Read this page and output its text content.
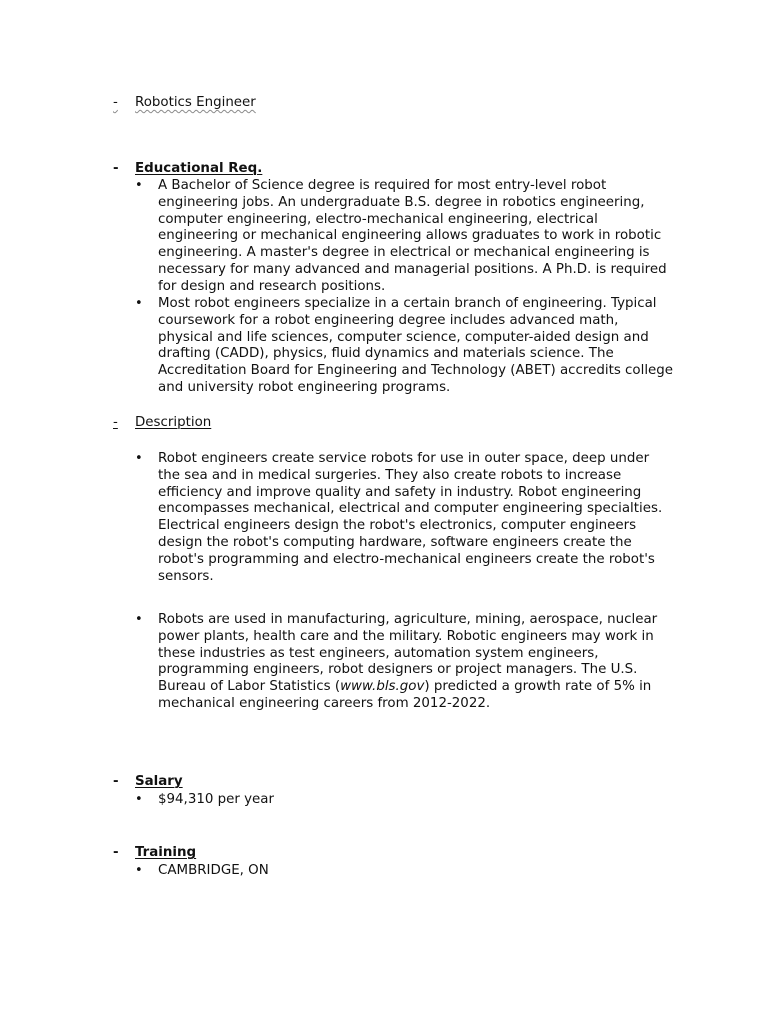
- Robotics Engineer
- Educational Req.
•	A Bachelor of Science degree is required for most entry-level robot engineering jobs. An undergraduate B.S. degree in robotics engineering, computer engineering, electro-mechanical engineering, electrical engineering or mechanical engineering allows graduates to work in robotic engineering. A master's degree in electrical or mechanical engineering is necessary for many advanced and managerial positions. A Ph.D. is required for design and research positions.
•	Most robot engineers specialize in a certain branch of engineering. Typical coursework for a robot engineering degree includes advanced math, physical and life sciences, computer science, computer-aided design and drafting (CADD), physics, fluid dynamics and materials science. The Accreditation Board for Engineering and Technology (ABET) accredits college and university robot engineering programs.
- Description
•	Robot engineers create service robots for use in outer space, deep under the sea and in medical surgeries. They also create robots to increase efficiency and improve quality and safety in industry. Robot engineering encompasses mechanical, electrical and computer engineering specialties. Electrical engineers design the robot's electronics, computer engineers design the robot's computing hardware, software engineers create the robot's programming and electro-mechanical engineers create the robot's sensors.
•	Robots are used in manufacturing, agriculture, mining, aerospace, nuclear power plants, health care and the military. Robotic engineers may work in these industries as test engineers, automation system engineers, programming engineers, robot designers or project managers. The U.S. Bureau of Labor Statistics (www.bls.gov) predicted a growth rate of 5% in mechanical engineering careers from 2012-2022.
- Salary
•	$94,310 per year
- Training
•	CAMBRIDGE, ON
